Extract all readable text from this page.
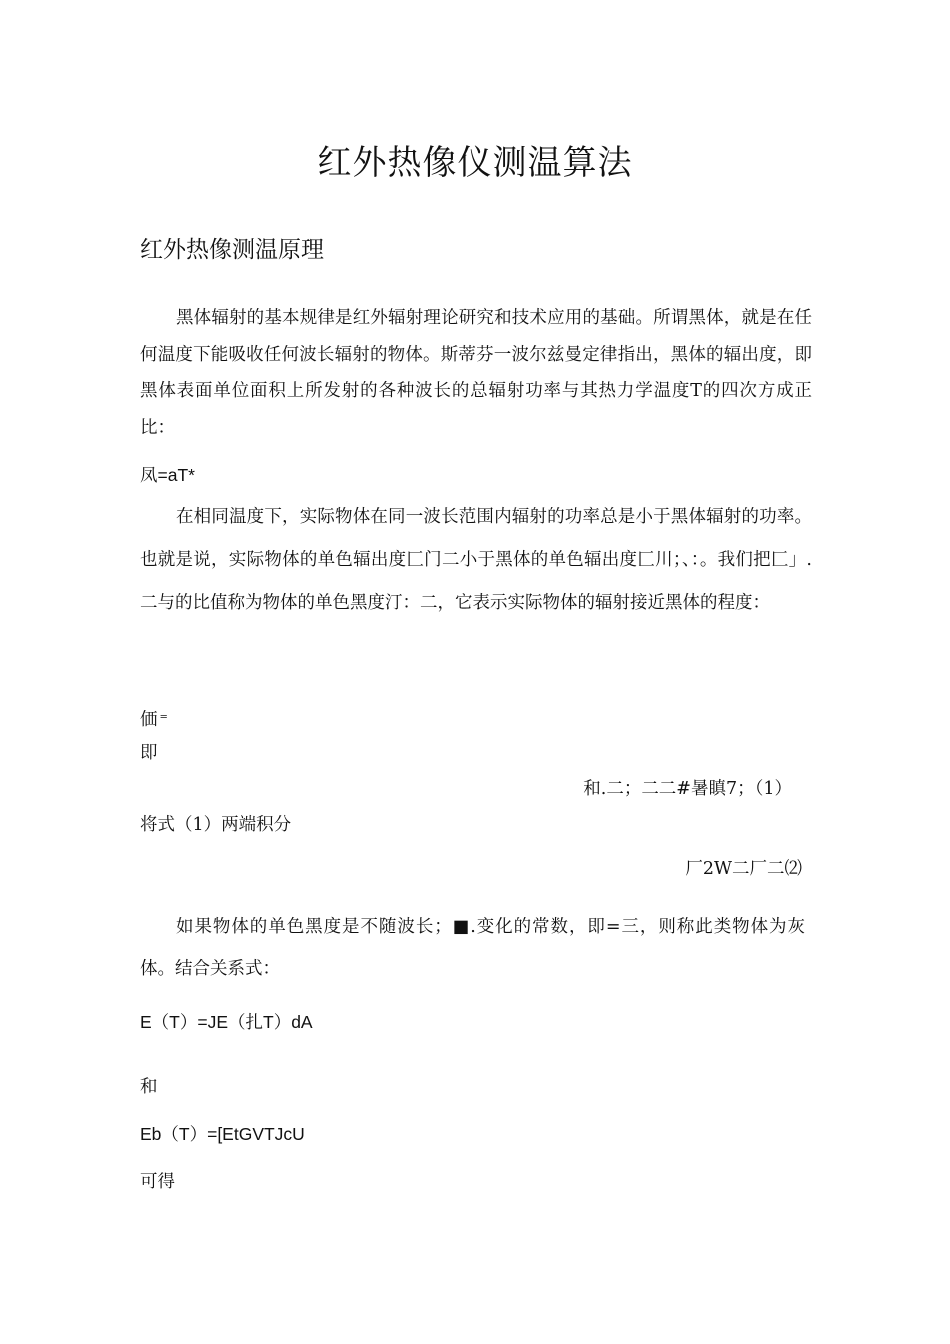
红外热像仪测温算法
红外热像测温原理

黑体辐射的基本规律是红外辐射理论研究和技术应用的基础。所谓黑体，就是在任何温度下能吸收任何波长辐射的物体。斯蒂芬一波尔兹曼定律指出，黑体的辐出度，即黑体表面单位面积上所发射的各种波长的总辐射功率与其热力学温度T的四次方成正比：

凤=aT*

在相同温度下，实际物体在同一波长范围内辐射的功率总是小于黑体辐射的功率。也就是说，实际物体的单色辐出度匚门二小于黑体的单色辐出度匚川；、：。我们把匚」.二与的比值称为物体的单色黑度汀：二，它表示实际物体的辐射接近黑体的程度：

価 =

即

和.二；二二#暑瞋7；（1）

将式（1）两端积分

厂2W二厂二⑵

如果物体的单色黑度是不随波长；■.变化的常数，即=三，则称此类物体为灰体。结合关系式：

E（T）=JE（扎T）dA

和

Eb（T）=[EtGVTJcU

可得
